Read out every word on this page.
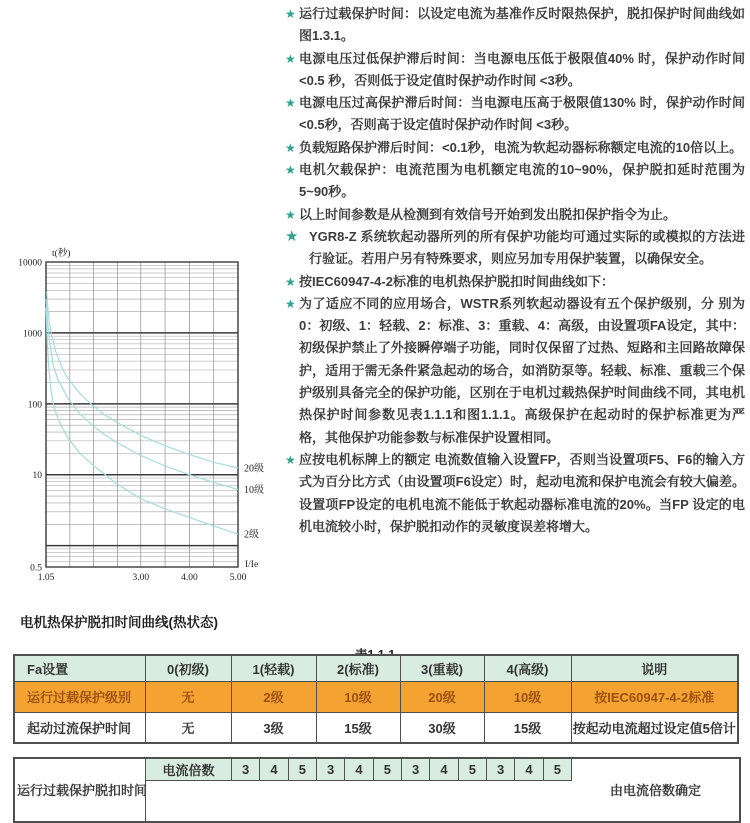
★ 运行过载保护时间：以设定电流为基准作反时限热保护，脱扣保护时间曲线如图1.3.1。
★ 电源电压过低保护滞后时间：当电源电压低于极限值40% 时，保护动作时间 <0.5 秒，否则低于设定值时保护动作时间 <3秒。
★ 电源电压过高保护滞后时间：当电源电压高于极限值130% 时，保护动作时间 <0.5秒，否则高于设定值时保护动作时间 <3秒。
★ 负载短路保护滞后时间：<0.1秒，电流为软起动器标称额定电流的10倍以上。
★ 电机欠载保护：电流范围为电机额定电流的10~90%，保护脱扣延时范围为5~90秒。
★ 以上时间参数是从检测到有效信号开始到发出脱扣保护指令为止。
★ YGR8-Z 系统软起动器所列的所有保护功能均可通过实际的或模拟的方法进行验证。若用户另有特殊要求，则应另加专用保护装置，以确保安全。
★ 按IEC60947-4-2标准的电机热保护脱扣时间曲线如下：
★ 为了适应不同的应用场合，WSTR系列软起动器设有五个保护级别，分 别为0：初级、1：轻载、2：标准、3：重载、4：高级，由设置项FA设定，其中：初级保护禁止了外接瞬停端子功能，同时仅保留了过热、短路和主回路故障保护，适用于需无条件紧急起动的场合，如消防泵等。轻载、标准、重载三个保护级别具备完全的保护功能，区别在于电机过载热保护时间曲线不同，其电机热保护时间参数见表1.1.1和图1.1.1。高级保护在起动时的保护标准更为严格，其他保护功能参数与标准保护设置相同。
★ 应按电机标牌上的额定 电流数值输入设置FP，否则当设置项F5、F6的输入方式为百分比方式（由设置项F6设定）时，起动电流和保护电流会有较大偏差。设置项FP设定的电机电流不能低于软起动器标准电流的20%。当FP 设定的电机电流较小时，保护脱扣动作的灵敏度误差将增大。
20级
10级
2级
10000
1000
100
10
0.5
1.05	3.00	4.00	5.00
t(秒)
I/Ie
电机热保护脱扣时间曲线(热状态)
Fa设置	0(初级)	1(轻载)	2(标准)	3(重载)	4(高级)	说明
运行过载保护级别	无	2级	10级	20级	10级	按IEC60947-4-2标准
起动过流保护时间	无	3级	15级	30级	15级	按起动电流超过设定值5倍计
电流倍数	3	4	5	3	4	5	3	4	5	3	4	5
运行过载保护脱扣时间	由电流倍数确定
